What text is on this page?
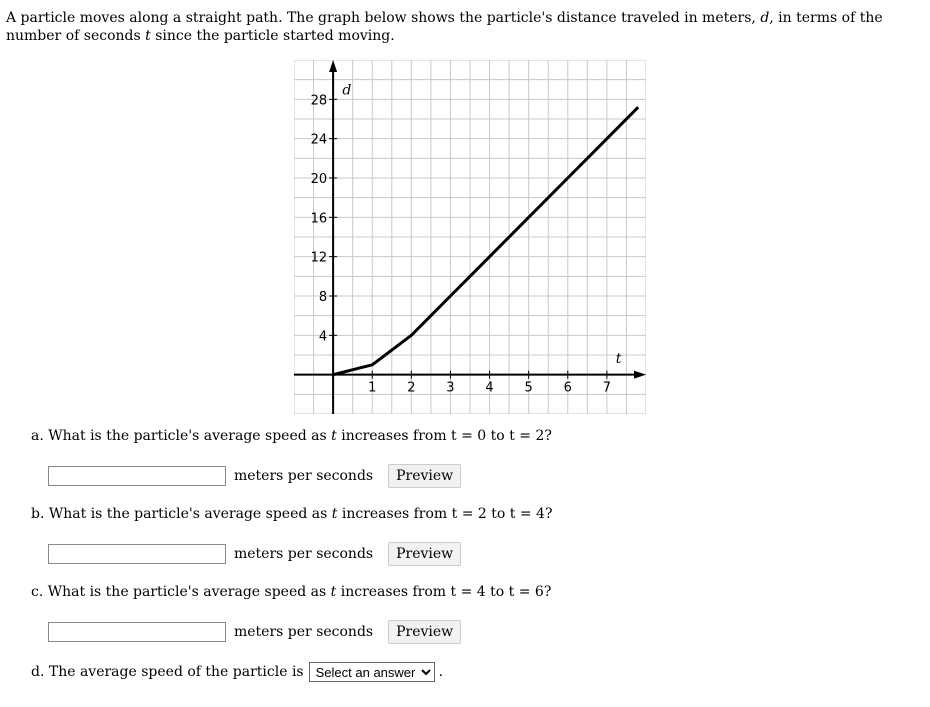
A particle moves along a straight path. The graph below shows the particle's distance traveled in meters, d, in terms of the number of seconds t since the particle started moving.
1 2 3 4 5 6 7
4
8
12
16
20
24
28
t
d
a. What is the particle's average speed as t increases from t = 0 to t = 2?
meters per seconds	Preview
b. What is the particle's average speed as t increases from t = 2 to t = 4?
meters per seconds	Preview
c. What is the particle's average speed as t increases from t = 4 to t = 6?
meters per seconds	Preview
d. The average speed of the particle is
Select an answer	.
